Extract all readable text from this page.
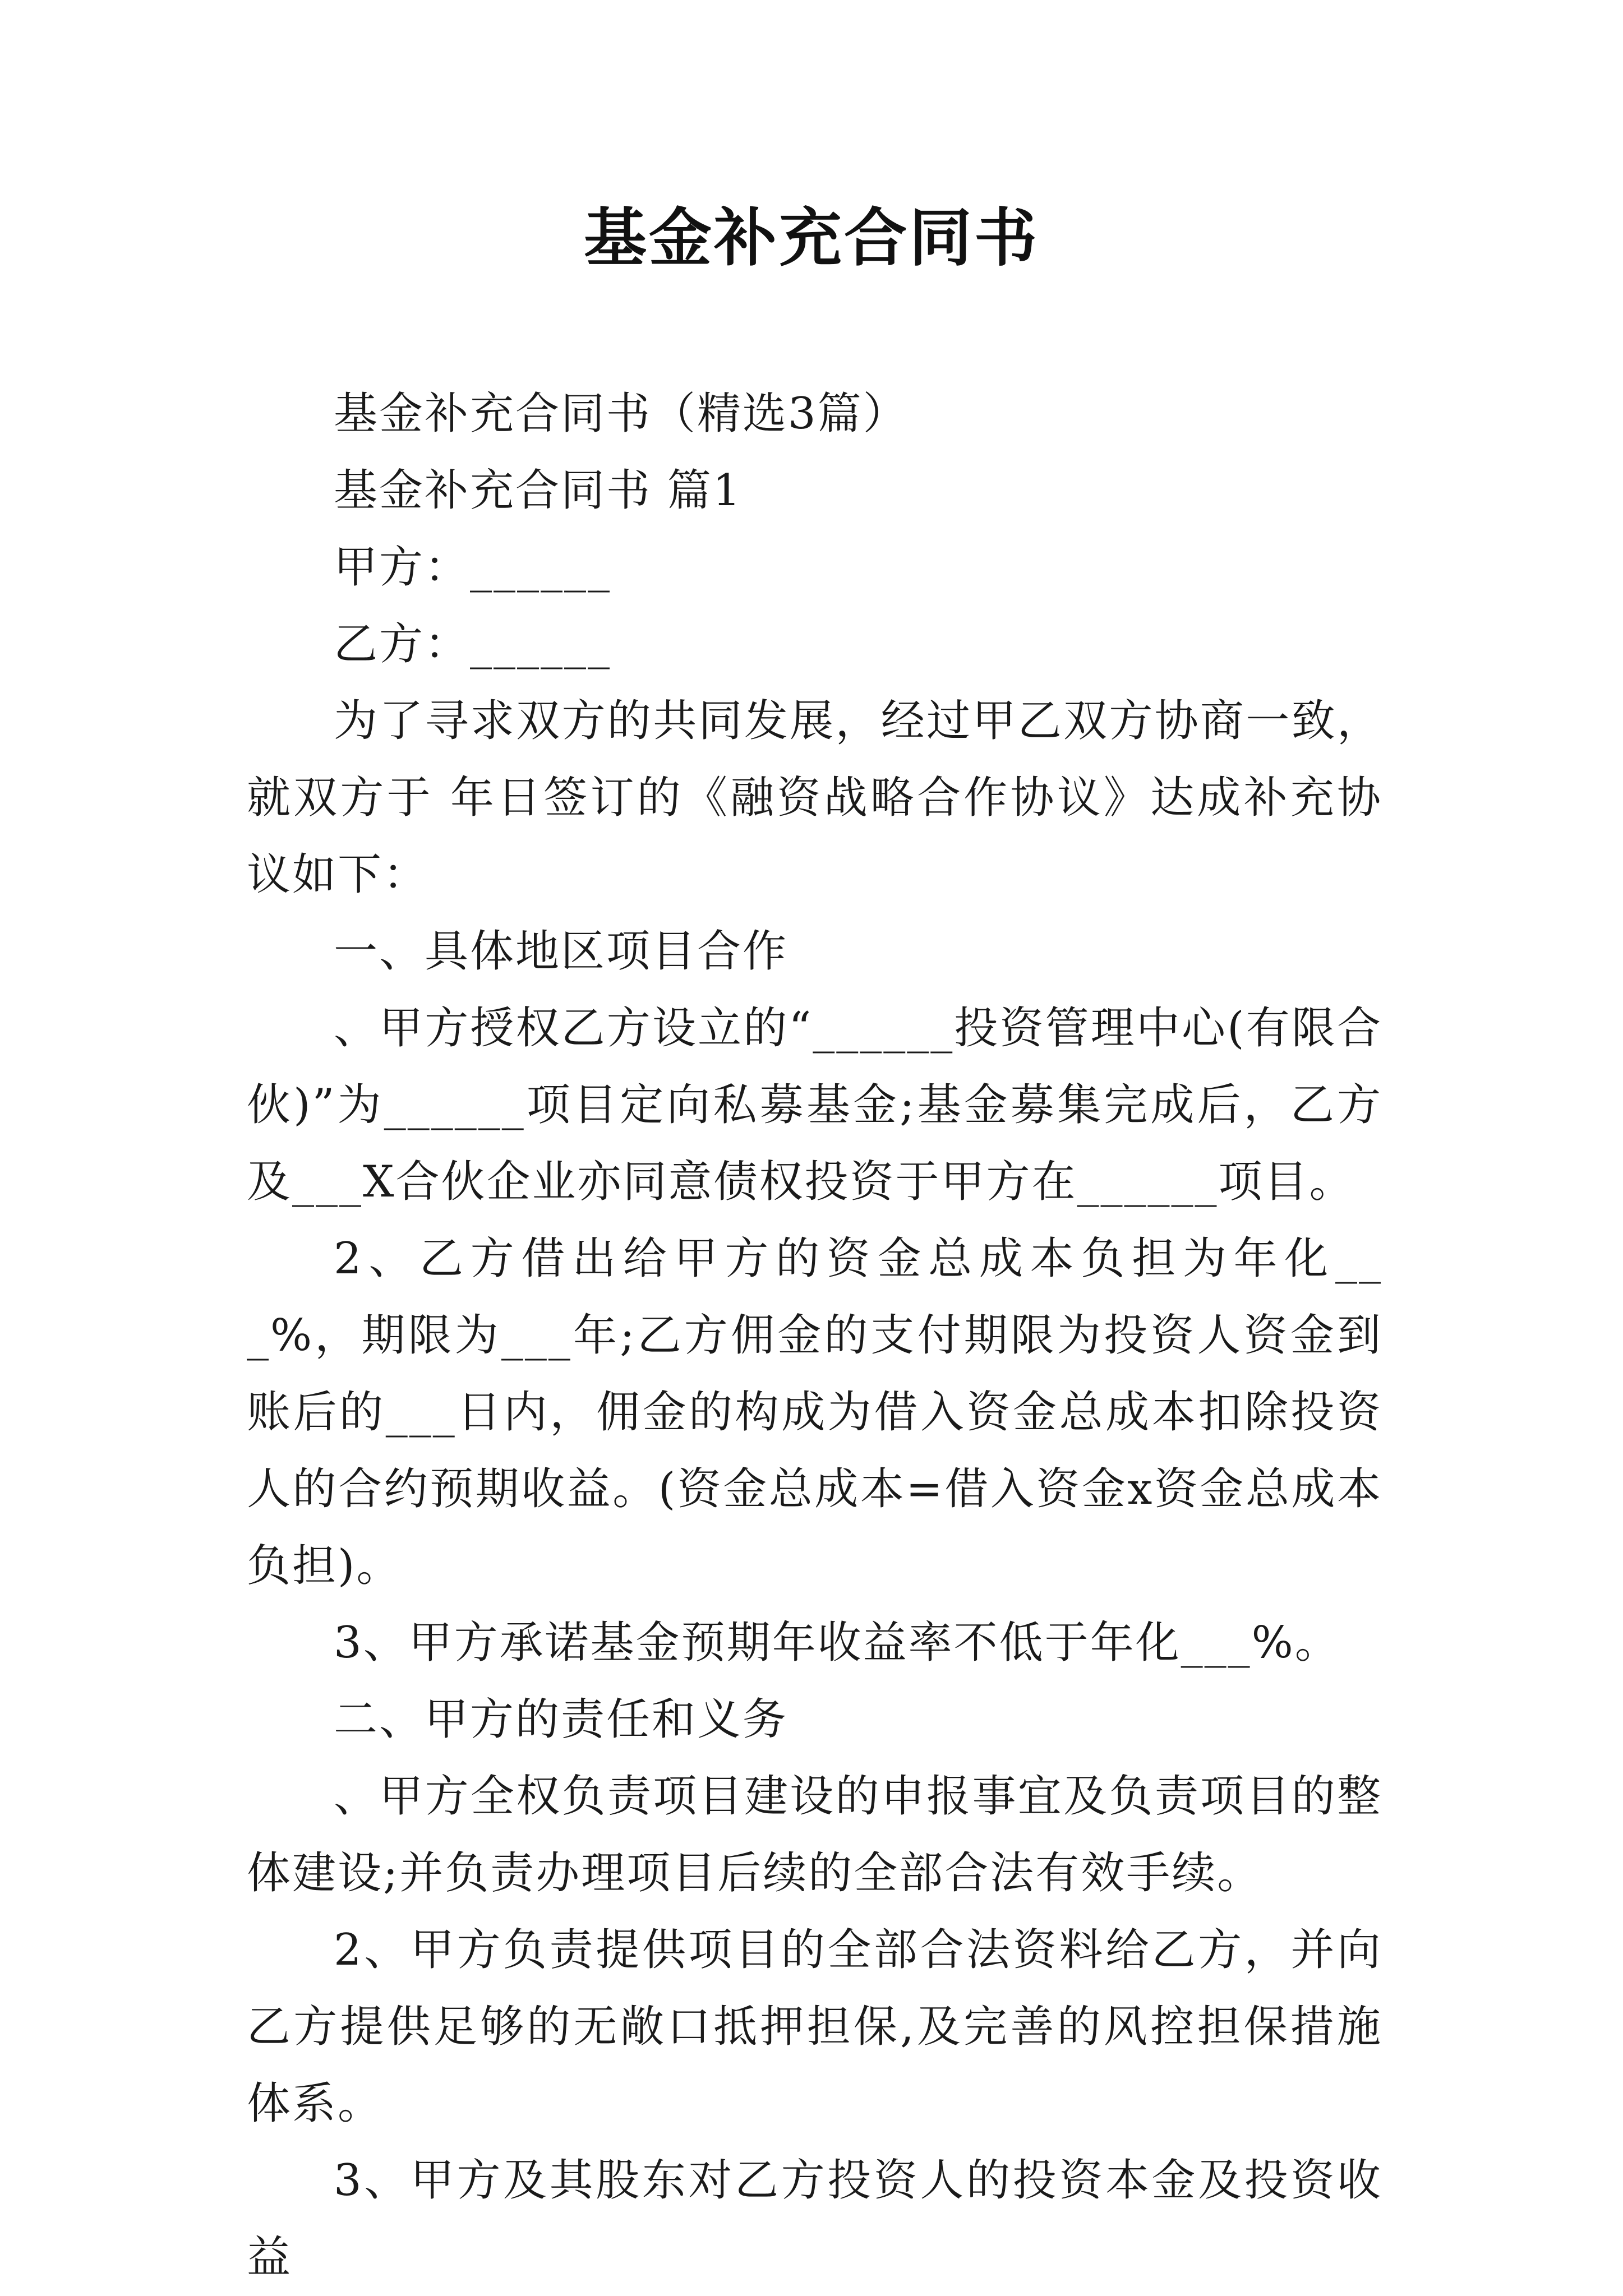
基金补充合同书

基金补充合同书（精选3篇）

基金补充合同书 篇1

甲方：______

乙方：______

为了寻求双方的共同发展，经过甲乙双方协商一致，就双方于 年日签订的《融资战略合作协议》达成补充协议如下：

一、具体地区项目合作

、甲方授权乙方设立的“______投资管理中心(有限合伙)”为______项目定向私募基金;基金募集完成后，乙方及___X合伙企业亦同意债权投资于甲方在______项目。

2、乙方借出给甲方的资金总成本负担为年化___%，期限为___年;乙方佣金的支付期限为投资人资金到账后的___日内，佣金的构成为借入资金总成本扣除投资人的合约预期收益。(资金总成本=借入资金x资金总成本负担)。

3、甲方承诺基金预期年收益率不低于年化___%。

二、甲方的责任和义务

、甲方全权负责项目建设的申报事宜及负责项目的整体建设;并负责办理项目后续的全部合法有效手续。

2、甲方负责提供项目的全部合法资料给乙方，并向乙方提供足够的无敞口抵押担保,及完善的风控担保措施体系。

3、甲方及其股东对乙方投资人的投资本金及投资收益
